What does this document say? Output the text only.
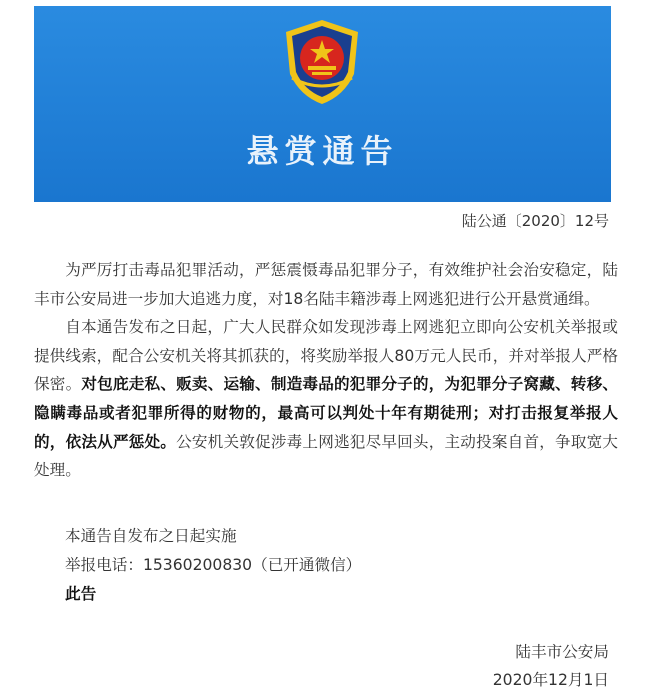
悬赏通告
陆公通〔2020〕12号

为严厉打击毒品犯罪活动，严惩震慑毒品犯罪分子，有效维护社会治安稳定，陆丰市公安局进一步加大追逃力度，对18名陆丰籍涉毒上网逃犯进行公开悬赏通缉。

自本通告发布之日起，广大人民群众如发现涉毒上网逃犯立即向公安机关举报或提供线索，配合公安机关将其抓获的，将奖励举报人80万元人民币，并对举报人严格保密。对包庇走私、贩卖、运输、制造毒品的犯罪分子的，为犯罪分子窝藏、转移、隐瞒毒品或者犯罪所得的财物的，最高可以判处十年有期徒刑；对打击报复举报人的，依法从严惩处。公安机关敦促涉毒上网逃犯尽早回头，主动投案自首，争取宽大处理。

本通告自发布之日起实施
举报电话：15360200830（已开通微信）
此告
陆丰市公安局
2020年12月1日
